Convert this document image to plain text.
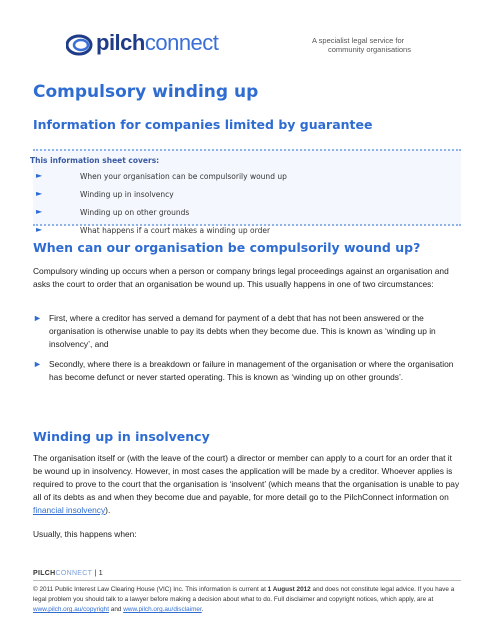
pilchconnect	A specialist legal service for
community organisations
Compulsory winding up
Information for companies limited by guarantee
This information sheet covers:
►	When your organisation can be compulsorily wound up
►	Winding up in insolvency
►	Winding up on other grounds
►	What happens if a court makes a winding up order
When can our organisation be compulsorily wound up?

Compulsory winding up occurs when a person or company brings legal proceedings against an organisation and asks the court to order that an organisation be wound up. This usually happens in one of two circumstances:

► First, where a creditor has served a demand for payment of a debt that has not been answered or the organisation is otherwise unable to pay its debts when they become due. This is known as ‘winding up in insolvency’, and
► Secondly, where there is a breakdown or failure in management of the organisation or where the organisation has become defunct or never started operating. This is known as ‘winding up on other grounds’.
Winding up in insolvency

The organisation itself or (with the leave of the court) a director or member can apply to a court for an order that it be wound up in insolvency. However, in most cases the application will be made by a creditor. Whoever applies is required to prove to the court that the organisation is ‘insolvent’ (which means that the organisation is unable to pay all of its debts as and when they become due and payable, for more detail go to the PilchConnect information on financial insolvency).

Usually, this happens when:

PILCHCONNECT | 1

© 2011 Public Interest Law Clearing House (VIC) Inc. This information is current at 1 August 2012 and does not constitute legal advice. If you have a legal problem you should talk to a lawyer before making a decision about what to do. Full disclaimer and copyright notices, which apply, are at www.pilch.org.au/copyright and www.pilch.org.au/disclaimer.
